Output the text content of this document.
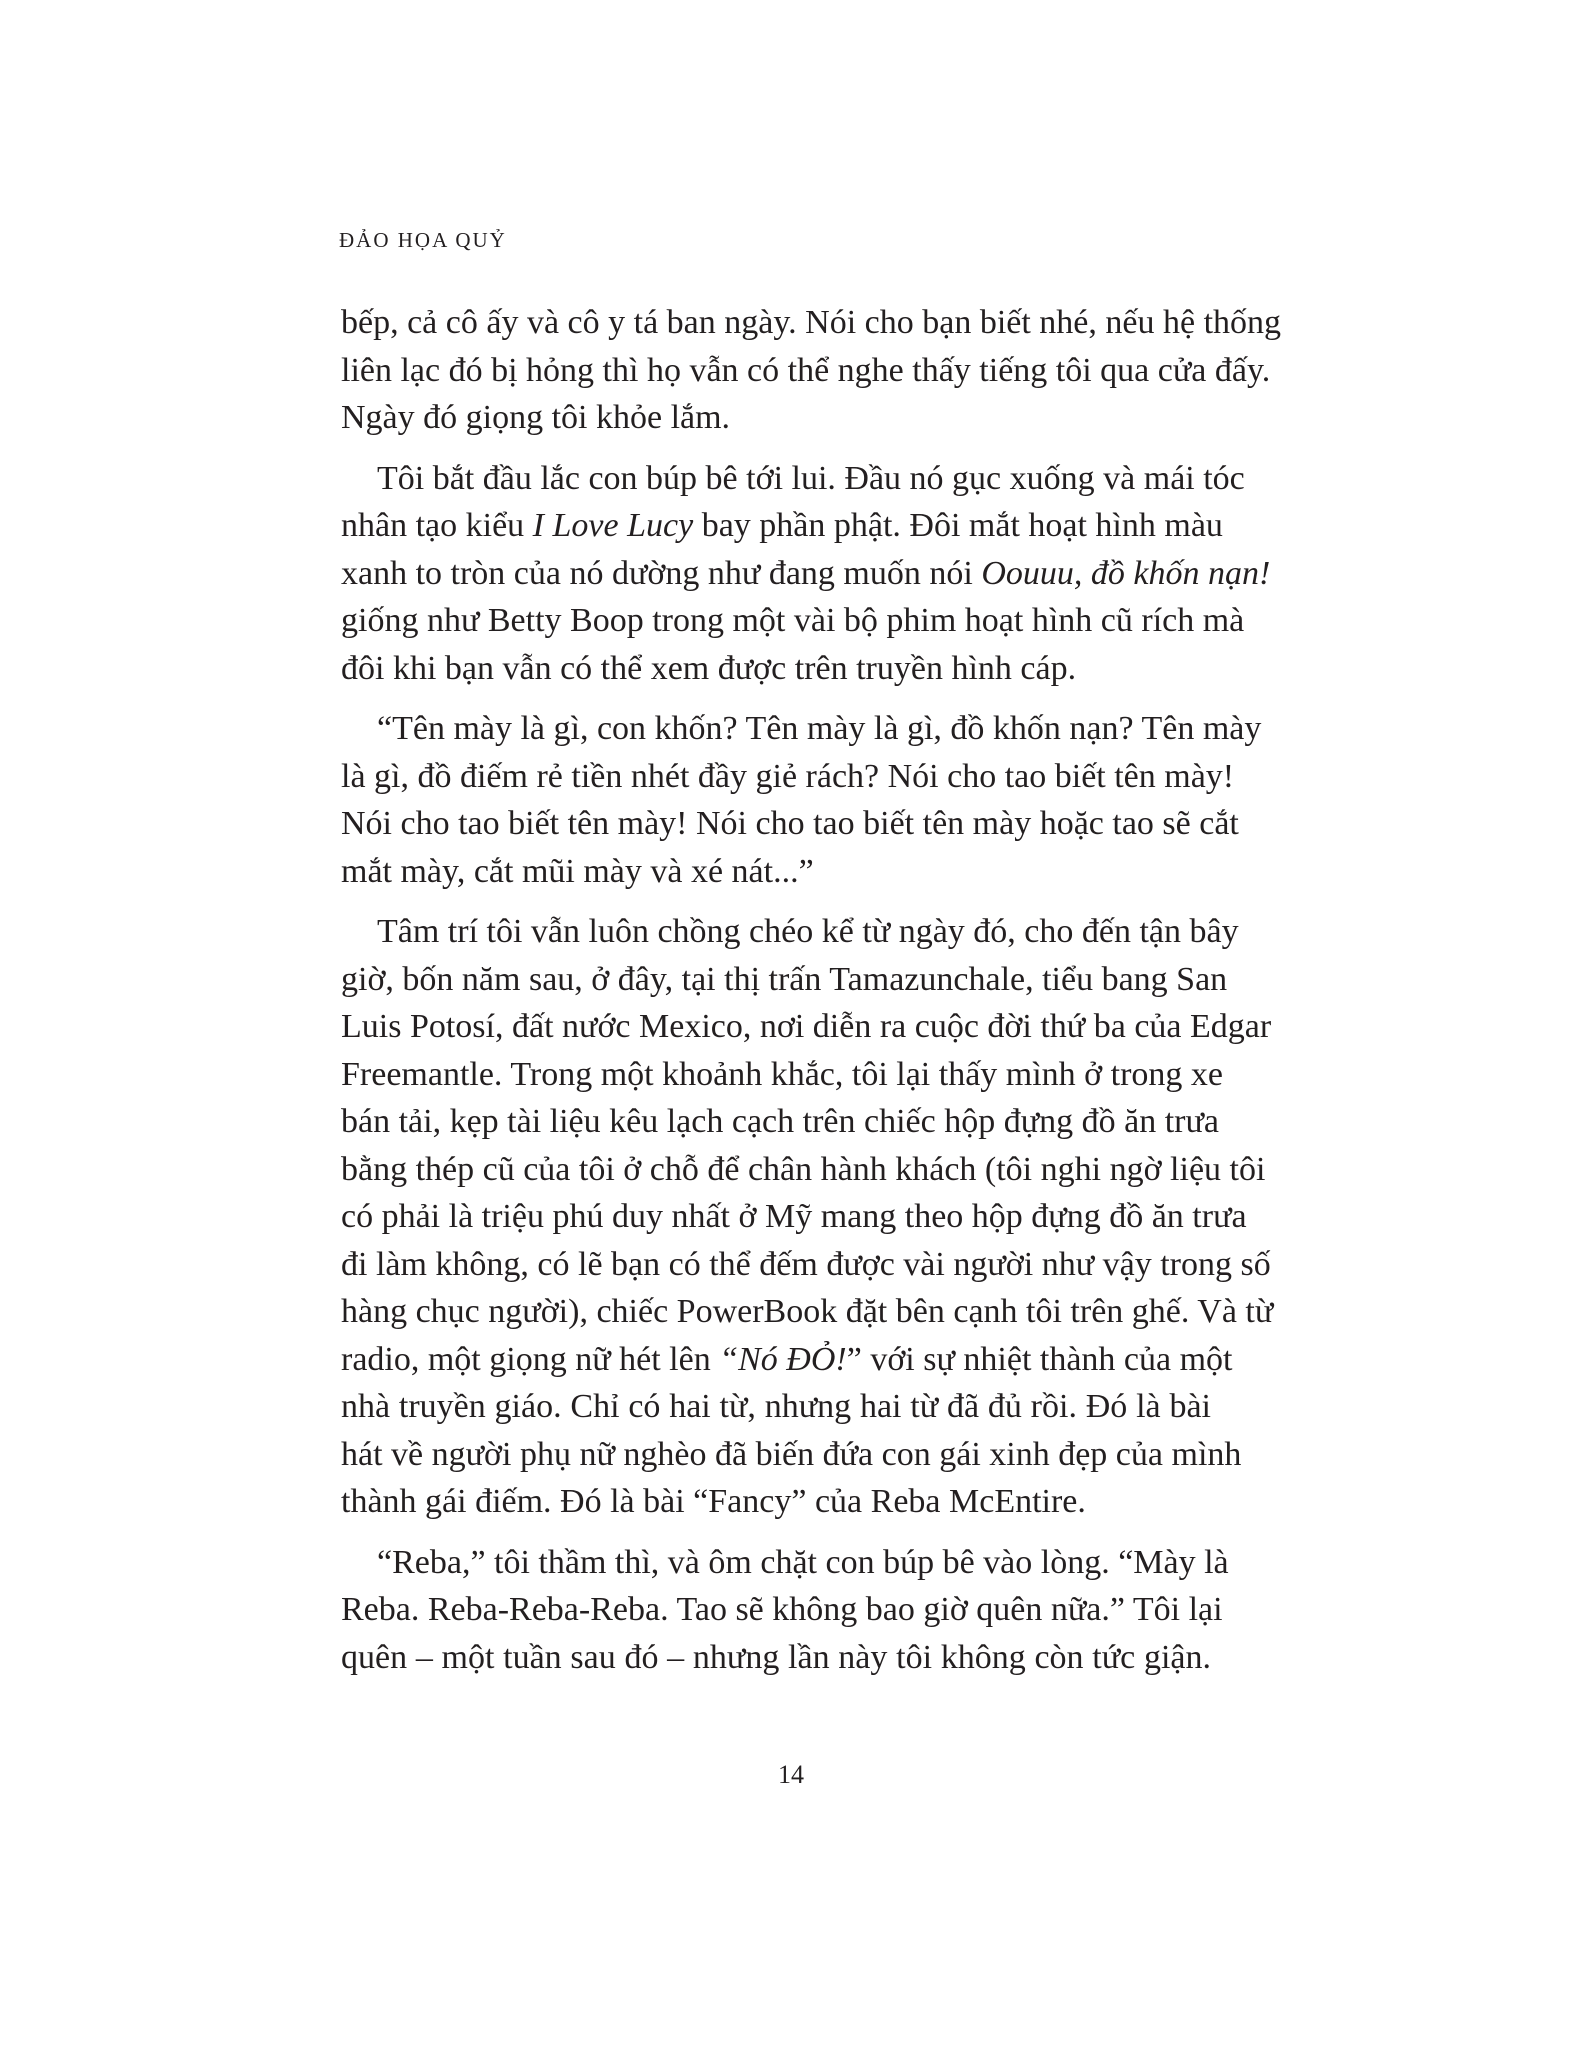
ĐẢO HỌA QUỶ
bếp, cả cô ấy và cô y tá ban ngày. Nói cho bạn biết nhé, nếu hệ thống
liên lạc đó bị hỏng thì họ vẫn có thể nghe thấy tiếng tôi qua cửa đấy.
Ngày đó giọng tôi khỏe lắm.
Tôi bắt đầu lắc con búp bê tới lui. Đầu nó gục xuống và mái tóc
nhân tạo kiểu I Love Lucy bay phần phật. Đôi mắt hoạt hình màu
xanh to tròn của nó dường như đang muốn nói Oouuu, đồ khốn nạn!
giống như Betty Boop trong một vài bộ phim hoạt hình cũ rích mà
đôi khi bạn vẫn có thể xem được trên truyền hình cáp.
“Tên mày là gì, con khốn? Tên mày là gì, đồ khốn nạn? Tên mày
là gì, đồ điếm rẻ tiền nhét đầy giẻ rách? Nói cho tao biết tên mày!
Nói cho tao biết tên mày! Nói cho tao biết tên mày hoặc tao sẽ cắt
mắt mày, cắt mũi mày và xé nát...”
Tâm trí tôi vẫn luôn chồng chéo kể từ ngày đó, cho đến tận bây
giờ, bốn năm sau, ở đây, tại thị trấn Tamazunchale, tiểu bang San
Luis Potosí, đất nước Mexico, nơi diễn ra cuộc đời thứ ba của Edgar
Freemantle. Trong một khoảnh khắc, tôi lại thấy mình ở trong xe
bán tải, kẹp tài liệu kêu lạch cạch trên chiếc hộp đựng đồ ăn trưa
bằng thép cũ của tôi ở chỗ để chân hành khách (tôi nghi ngờ liệu tôi
có phải là triệu phú duy nhất ở Mỹ mang theo hộp đựng đồ ăn trưa
đi làm không, có lẽ bạn có thể đếm được vài người như vậy trong số
hàng chục người), chiếc PowerBook đặt bên cạnh tôi trên ghế. Và từ
radio, một giọng nữ hét lên “Nó ĐỎ!” với sự nhiệt thành của một
nhà truyền giáo. Chỉ có hai từ, nhưng hai từ đã đủ rồi. Đó là bài
hát về người phụ nữ nghèo đã biến đứa con gái xinh đẹp của mình
thành gái điếm. Đó là bài “Fancy” của Reba McEntire.
“Reba,” tôi thầm thì, và ôm chặt con búp bê vào lòng. “Mày là
Reba. Reba-Reba-Reba. Tao sẽ không bao giờ quên nữa.” Tôi lại
quên – một tuần sau đó – nhưng lần này tôi không còn tức giận.
14
